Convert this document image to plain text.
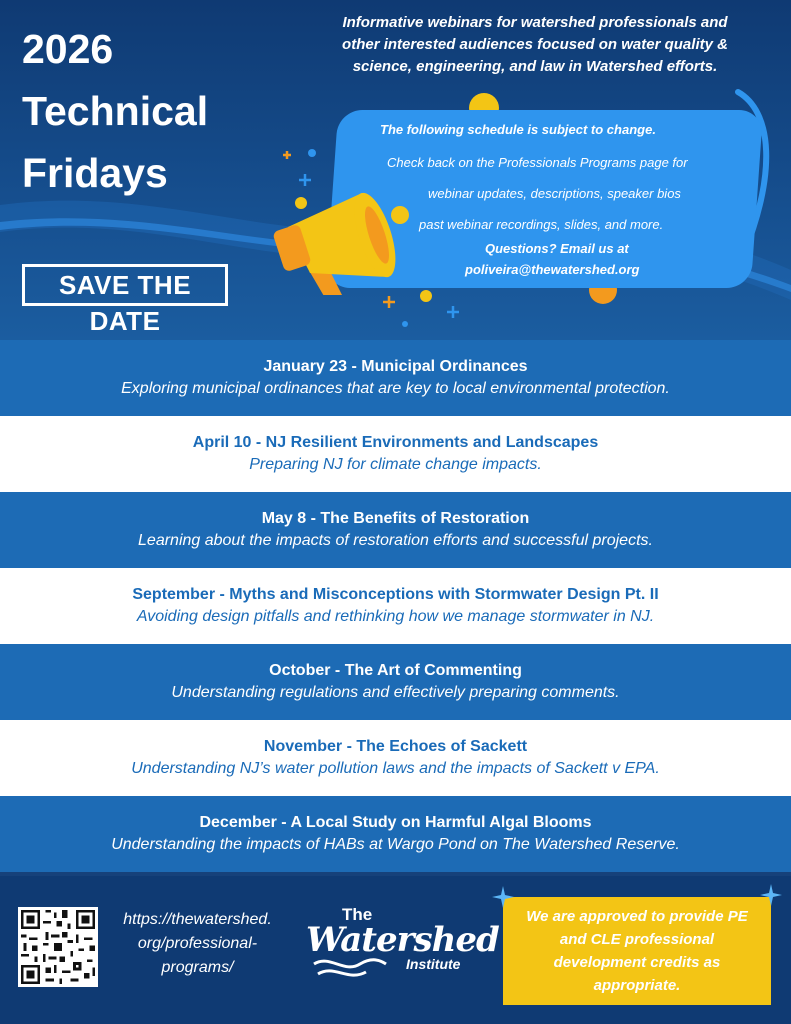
2026
Technical
Fridays
Informative webinars for watershed professionals and
other interested audiences focused on water quality &
science, engineering, and law in Watershed efforts.
SAVE THE DATE
The following schedule is subject to change.
Check back on the Professionals Programs page for
webinar updates, descriptions, speaker bios
past webinar recordings, slides, and more.
Questions? Email us at
poliveira@thewatershed.org
January 23 - Municipal Ordinances
Exploring municipal ordinances that are key to local environmental protection.
April 10 - NJ Resilient Environments and Landscapes
Preparing NJ for climate change impacts.
May 8 - The Benefits of Restoration
Learning about the impacts of restoration efforts and successful projects.
September - Myths and Misconceptions with Stormwater Design Pt. II
Avoiding design pitfalls and rethinking how we manage stormwater in NJ.
October - The Art of Commenting
Understanding regulations and effectively preparing comments.
November - The Echoes of Sackett
Understanding NJ’s water pollution laws and the impacts of Sackett v EPA.
December - A Local Study on Harmful Algal Blooms
Understanding the impacts of HABs at Wargo Pond on The Watershed Reserve.
https://thewatershed.
org/professional-
programs/
The
Watershed
Institute
We are approved to provide PE
and CLE professional
development credits as
appropriate.
